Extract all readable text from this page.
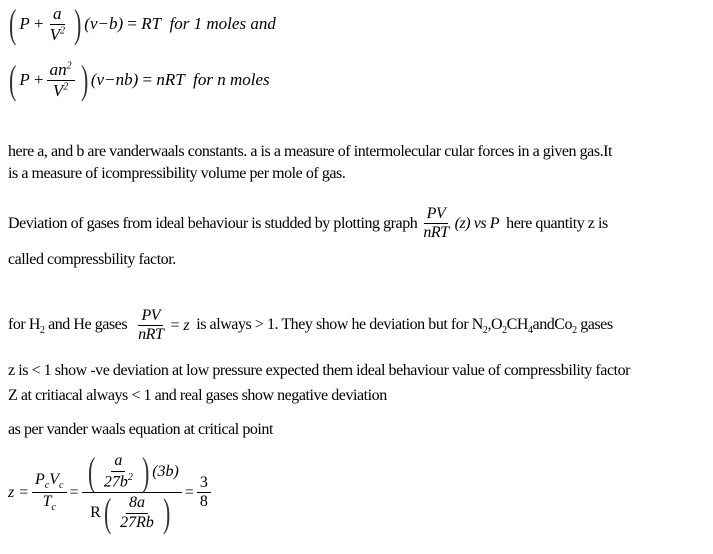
( P
+ $\frac{a}{V^2}$ ) (v−b)
=
RT
for 1 moles and
( P
+ $\frac{an^2}{V^2}$ ) (v−nb)
=
nRT
for n moles
here a, and b are vanderwaals constants. a is a measure of intermolecular cular forces in a given gas.It
is a measure of icompressibility volume per mole of gas.
Deviation of gases from ideal behaviour is studded by plotting graph $\frac{PV}{\text{nRT}} (z)$ vs P
here quantity z is
called compressbility factor.
for $H_2$ and He gases $\frac{PV}{\text{nRT}} = z$
is always > 1. They show he deviation but for $N_2,O_2CH_4andCo_2$ gases
z is < 1 show -ve deviation at low pressure expected them ideal behaviour value of compressbility factor
Z at critiacal always < 1 and real gases show negative deviation
as per vander waals equation at critical point
$z = \frac{P_cV_c}{T_c} = \frac{( \frac{a}{27b^2} ) (3b)}{R ( \frac{8a}{27Rb} )} = \frac{3}{8}$
